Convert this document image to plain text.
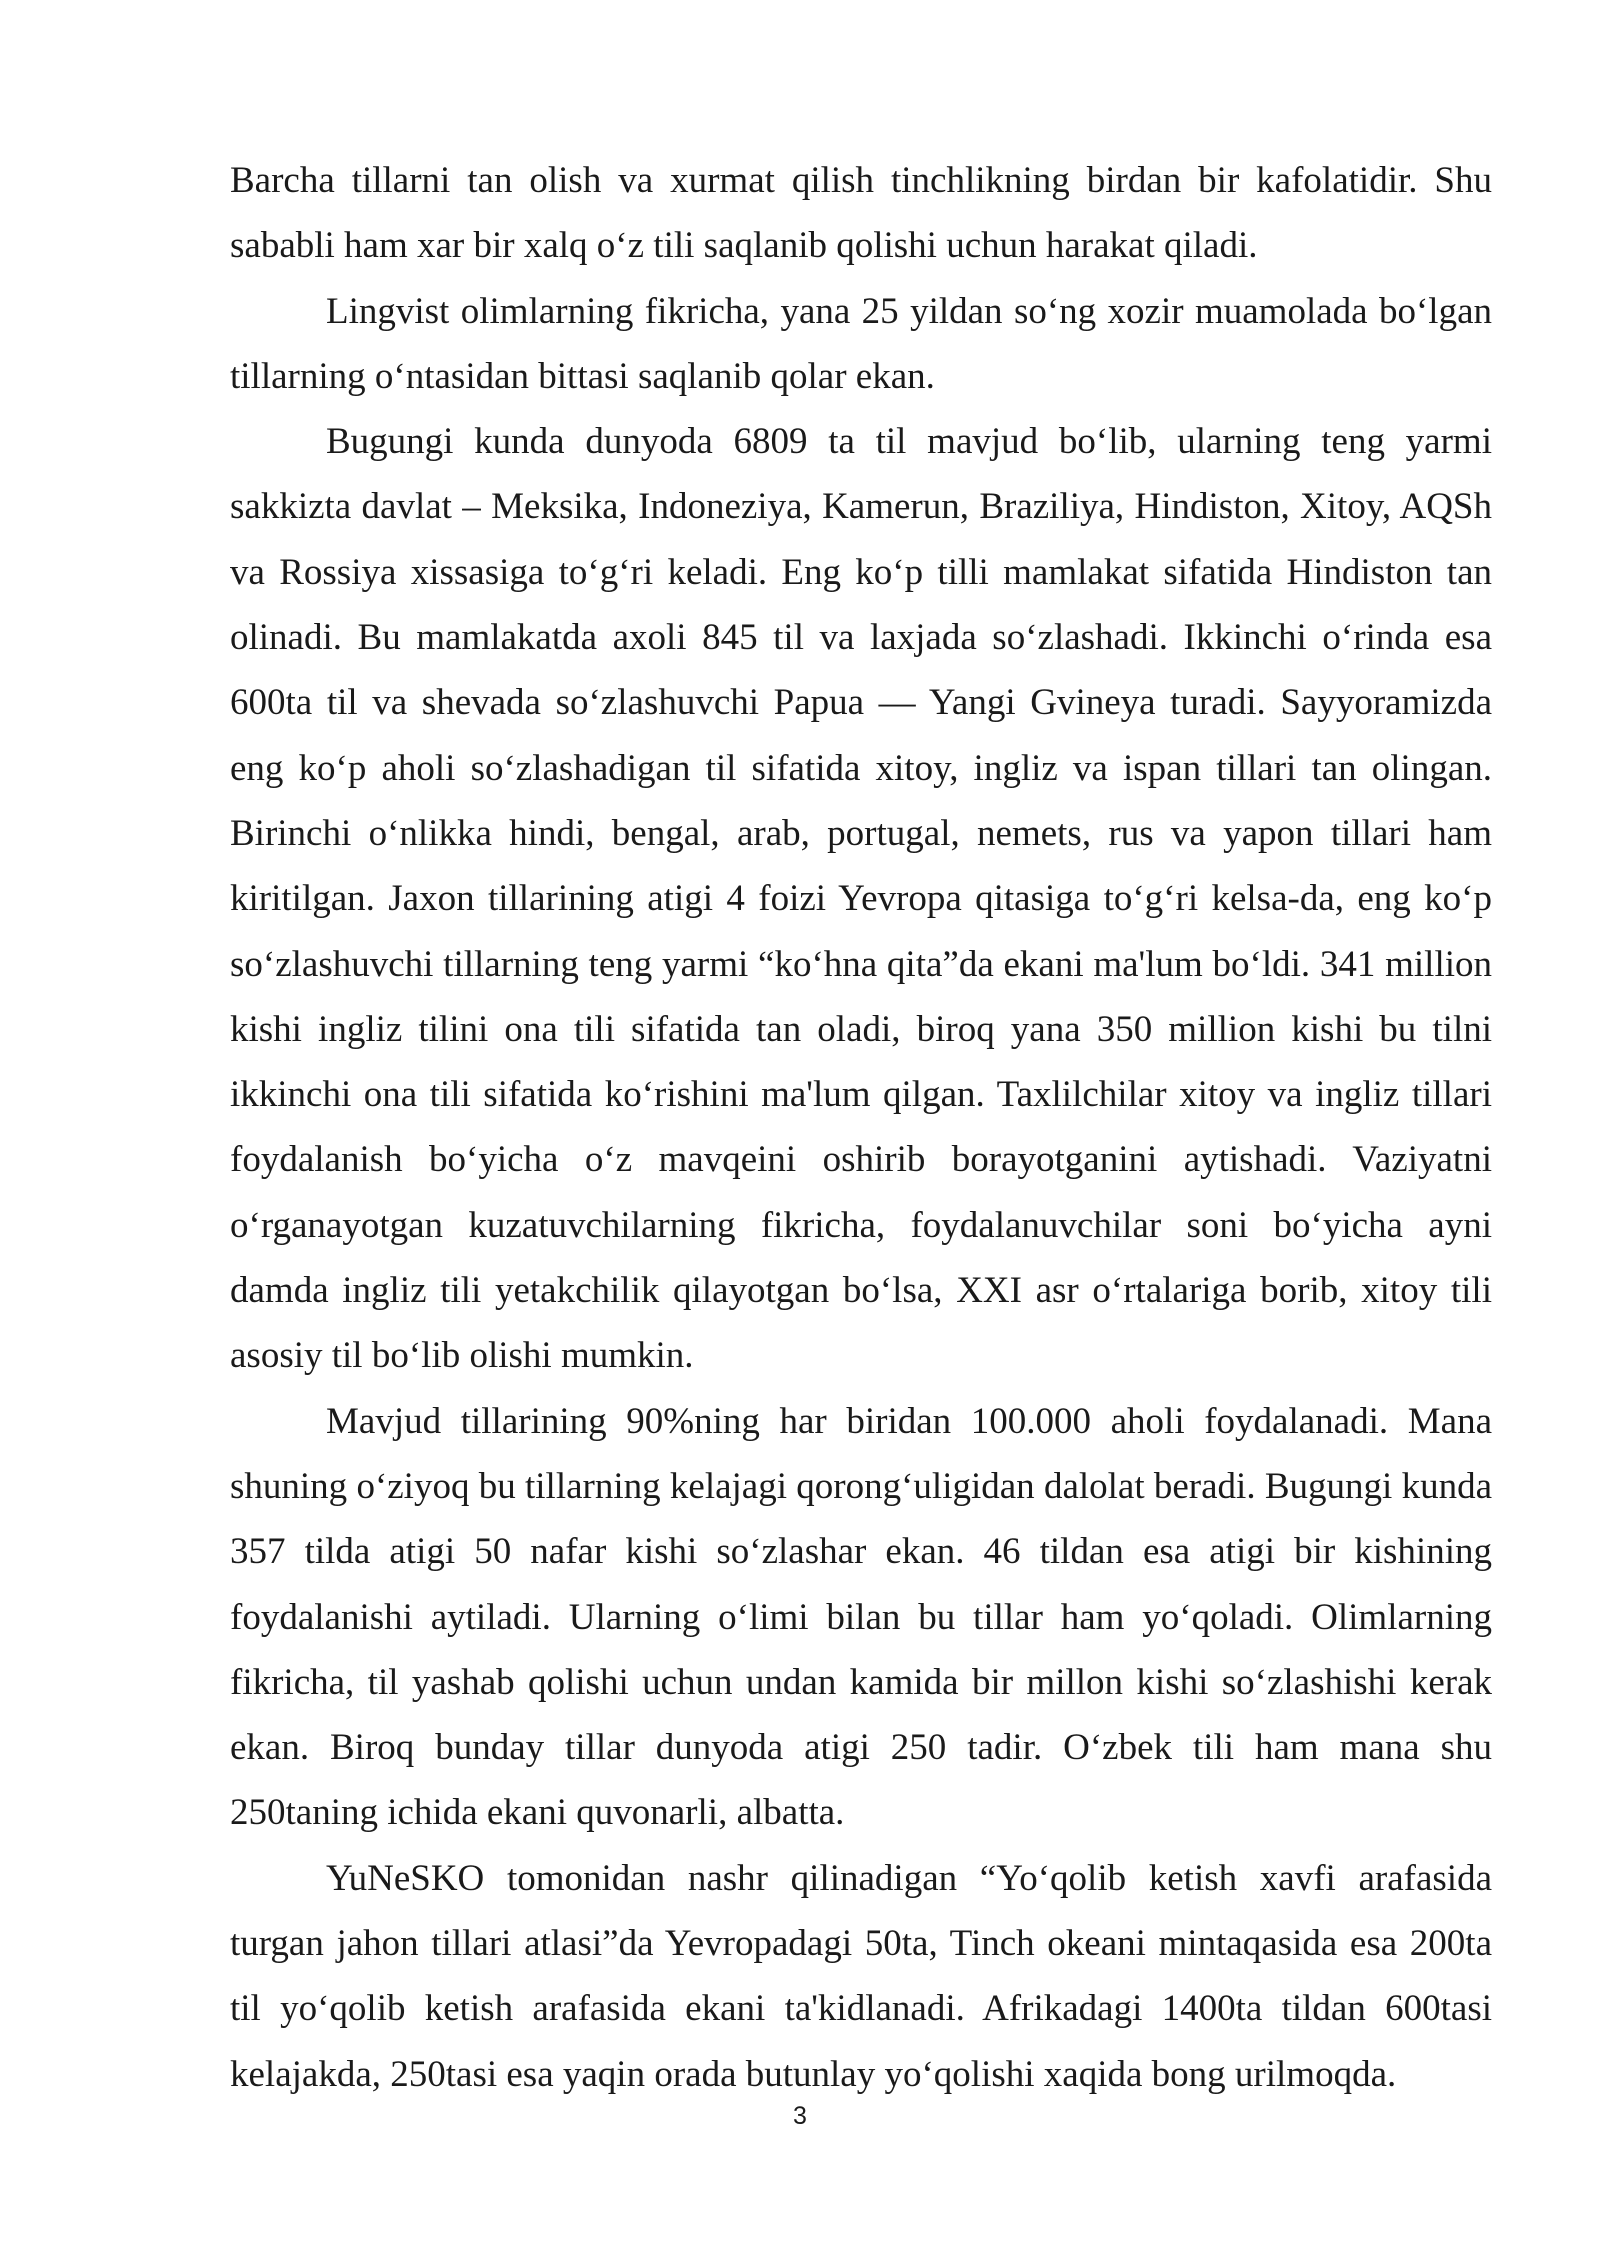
Barcha tillarni tan olish va xurmat qilish tinchlikning birdan bir kafolatidir. Shu sababli ham xar bir xalq oʻz tili saqlanib qolishi uchun harakat qiladi.

Lingvist olimlarning fikricha, yana 25 yildan soʻng xozir muamolada boʻlgan tillarning oʻntasidan bittasi saqlanib qolar ekan.

Bugungi kunda dunyoda 6809 ta til mavjud boʻlib, ularning teng yarmi sakkizta davlat – Meksika, Indoneziya, Kamerun, Braziliya, Hindiston, Xitoy, AQSh va Rossiya xissasiga toʻgʻri keladi. Eng koʻp tilli mamlakat sifatida Hindiston tan olinadi. Bu mamlakatda axoli 845 til va laxjada soʻzlashadi. Ikkinchi oʻrinda esa 600ta til va shevada soʻzlashuvchi Papua — Yangi Gvineya turadi. Sayyoramizda eng koʻp aholi soʻzlashadigan til sifatida xitoy, ingliz va ispan tillari tan olingan. Birinchi oʻnlikka hindi, bengal, arab, portugal, nemets, rus va yapon tillari ham kiritilgan. Jaxon tillarining atigi 4 foizi Yevropa qitasiga toʻgʻri kelsa-da, eng koʻp soʻzlashuvchi tillarning teng yarmi “koʻhna qita”da ekani ma'lum boʻldi. 341 million kishi ingliz tilini ona tili sifatida tan oladi, biroq yana 350 million kishi bu tilni ikkinchi ona tili sifatida koʻrishini ma'lum qilgan. Taxlilchilar xitoy va ingliz tillari foydalanish boʻyicha oʻz mavqeini oshirib borayotganini aytishadi. Vaziyatni oʻrganayotgan kuzatuvchilarning fikricha, foydalanuvchilar soni boʻyicha ayni damda ingliz tili yetakchilik qilayotgan boʻlsa, XXI asr oʻrtalariga borib, xitoy tili asosiy til boʻlib olishi mumkin.

Mavjud tillarining 90%ning har biridan 100.000 aholi foydalanadi. Mana shuning oʻziyoq bu tillarning kelajagi qorongʻuligidan dalolat beradi. Bugungi kunda 357 tilda atigi 50 nafar kishi soʻzlashar ekan. 46 tildan esa atigi bir kishining foydalanishi aytiladi. Ularning oʻlimi bilan bu tillar ham yoʻqoladi. Olimlarning fikricha, til yashab qolishi uchun undan kamida bir millon kishi soʻzlashishi kerak ekan. Biroq bunday tillar dunyoda atigi 250 tadir. Oʻzbek tili ham mana shu 250taning ichida ekani quvonarli, albatta.

YuNeSKO tomonidan nashr qilinadigan “Yoʻqolib ketish xavfi arafasida turgan jahon tillari atlasi”da Yevropadagi 50ta, Tinch okeani mintaqasida esa 200ta til yoʻqolib ketish arafasida ekani ta'kidlanadi. Afrikadagi 1400ta tildan 600tasi kelajakda, 250tasi esa yaqin orada butunlay yoʻqolishi xaqida bong urilmoqda.

3
